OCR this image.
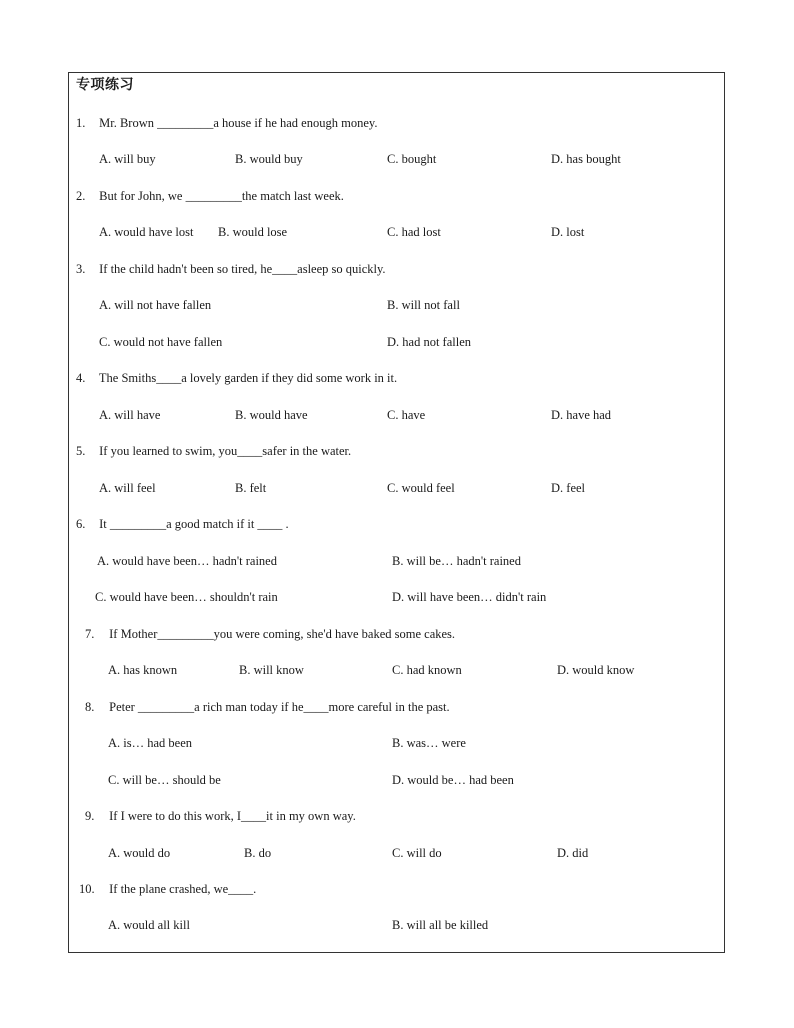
专项练习
1. Mr. Brown _________a house if he had enough money.
A. will buy	B. would buy	C. bought	D. has bought
2. But for John, we _________the match last week.
A. would have lost B. would lose	C. had lost	D. lost
3. If the child hadn't been so tired, he____asleep so quickly.
A. will not have fallen	B. will not fall
C. would not have fallen	D. had not fallen
4. The Smiths____a lovely garden if they did some work in it.
A. will have	B. would have	C. have	D. have had
5. If you learned to swim, you____safer in the water.
A. will feel	B. felt	C. would feel	D. feel
6. It _________a good match if it ____ .
A. would have been… hadn't rained	B. will be… hadn't rained
C. would have been… shouldn't rain	D. will have been… didn't rain
7. If Mother_________you were coming, she'd have baked some cakes.
A. has known	B. will know	C. had known	D. would know
8. Peter _________a rich man today if he____more careful in the past.
A. is… had been	B. was… were
C. will be… should be	D. would be… had been
9. If I were to do this work, I____it in my own way.
A. would do	B. do	C. will do	D. did
10. If the plane crashed, we____.
A. would all kill	B. will all be killed
